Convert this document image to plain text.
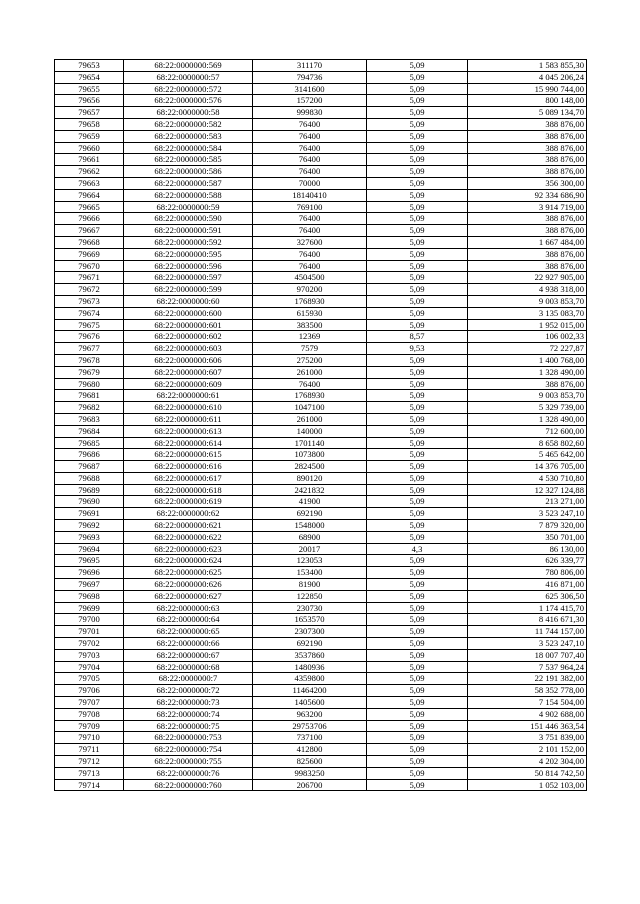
79653	68:22:0000000:569	311170	5,09	1 583 855,30
79654	68:22:0000000:57	794736	5,09	4 045 206,24
79655	68:22:0000000:572	3141600	5,09	15 990 744,00
79656	68:22:0000000:576	157200	5,09	800 148,00
79657	68:22:0000000:58	999830	5,09	5 089 134,70
79658	68:22:0000000:582	76400	5,09	388 876,00
79659	68:22:0000000:583	76400	5,09	388 876,00
79660	68:22:0000000:584	76400	5,09	388 876,00
79661	68:22:0000000:585	76400	5,09	388 876,00
79662	68:22:0000000:586	76400	5,09	388 876,00
79663	68:22:0000000:587	70000	5,09	356 300,00
79664	68:22:0000000:588	18140410	5,09	92 334 686,90
79665	68:22:0000000:59	769100	5,09	3 914 719,00
79666	68:22:0000000:590	76400	5,09	388 876,00
79667	68:22:0000000:591	76400	5,09	388 876,00
79668	68:22:0000000:592	327600	5,09	1 667 484,00
79669	68:22:0000000:595	76400	5,09	388 876,00
79670	68:22:0000000:596	76400	5,09	388 876,00
79671	68:22:0000000:597	4504500	5,09	22 927 905,00
79672	68:22:0000000:599	970200	5,09	4 938 318,00
79673	68:22:0000000:60	1768930	5,09	9 003 853,70
79674	68:22:0000000:600	615930	5,09	3 135 083,70
79675	68:22:0000000:601	383500	5,09	1 952 015,00
79676	68:22:0000000:602	12369	8,57	106 002,33
79677	68:22:0000000:603	7579	9,53	72 227,87
79678	68:22:0000000:606	275200	5,09	1 400 768,00
79679	68:22:0000000:607	261000	5,09	1 328 490,00
79680	68:22:0000000:609	76400	5,09	388 876,00
79681	68:22:0000000:61	1768930	5,09	9 003 853,70
79682	68:22:0000000:610	1047100	5,09	5 329 739,00
79683	68:22:0000000:611	261000	5,09	1 328 490,00
79684	68:22:0000000:613	140000	5,09	712 600,00
79685	68:22:0000000:614	1701140	5,09	8 658 802,60
79686	68:22:0000000:615	1073800	5,09	5 465 642,00
79687	68:22:0000000:616	2824500	5,09	14 376 705,00
79688	68:22:0000000:617	890120	5,09	4 530 710,80
79689	68:22:0000000:618	2421832	5,09	12 327 124,88
79690	68:22:0000000:619	41900	5,09	213 271,00
79691	68:22:0000000:62	692190	5,09	3 523 247,10
79692	68:22:0000000:621	1548000	5,09	7 879 320,00
79693	68:22:0000000:622	68900	5,09	350 701,00
79694	68:22:0000000:623	20017	4,3	86 130,00
79695	68:22:0000000:624	123053	5,09	626 339,77
79696	68:22:0000000:625	153400	5,09	780 806,00
79697	68:22:0000000:626	81900	5,09	416 871,00
79698	68:22:0000000:627	122850	5,09	625 306,50
79699	68:22:0000000:63	230730	5,09	1 174 415,70
79700	68:22:0000000:64	1653570	5,09	8 416 671,30
79701	68:22:0000000:65	2307300	5,09	11 744 157,00
79702	68:22:0000000:66	692190	5,09	3 523 247,10
79703	68:22:0000000:67	3537860	5,09	18 007 707,40
79704	68:22:0000000:68	1480936	5,09	7 537 964,24
79705	68:22:0000000:7	4359800	5,09	22 191 382,00
79706	68:22:0000000:72	11464200	5,09	58 352 778,00
79707	68:22:0000000:73	1405600	5,09	7 154 504,00
79708	68:22:0000000:74	963200	5,09	4 902 688,00
79709	68:22:0000000:75	29753706	5,09	151 446 363,54
79710	68:22:0000000:753	737100	5,09	3 751 839,00
79711	68:22:0000000:754	412800	5,09	2 101 152,00
79712	68:22:0000000:755	825600	5,09	4 202 304,00
79713	68:22:0000000:76	9983250	5,09	50 814 742,50
79714	68:22:0000000:760	206700	5,09	1 052 103,00
